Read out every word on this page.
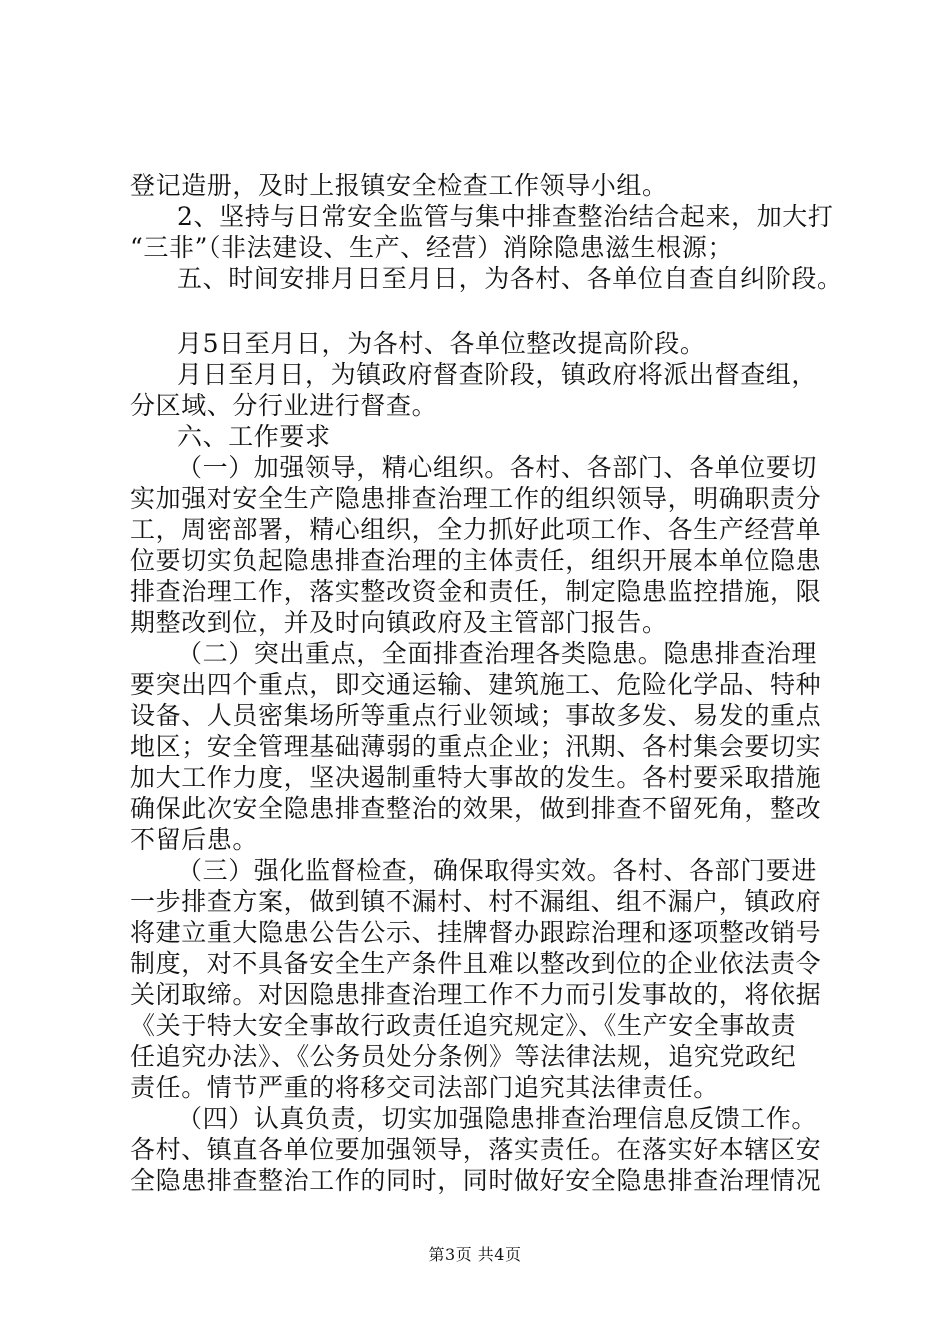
登记造册，及时上报镇安全检查工作领导小组。
2、坚持与日常安全监管与集中排查整治结合起来，加大打
“三非”（非法建设、生产、经营）消除隐患滋生根源；
五、时间安排月日至月日，为各村、各单位自查自纠阶段。
月5日至月日，为各村、各单位整改提高阶段。
月日至月日，为镇政府督查阶段，镇政府将派出督查组，
分区域、分行业进行督查。
六、工作要求
（一）加强领导，精心组织。各村、各部门、各单位要切
实加强对安全生产隐患排查治理工作的组织领导，明确职责分
工，周密部署，精心组织，全力抓好此项工作、各生产经营单
位要切实负起隐患排查治理的主体责任，组织开展本单位隐患
排查治理工作，落实整改资金和责任，制定隐患监控措施，限
期整改到位，并及时向镇政府及主管部门报告。
（二）突出重点，全面排查治理各类隐患。隐患排查治理
要突出四个重点，即交通运输、建筑施工、危险化学品、特种
设备、人员密集场所等重点行业领域；事故多发、易发的重点
地区；安全管理基础薄弱的重点企业；汛期、各村集会要切实
加大工作力度，坚决遏制重特大事故的发生。各村要采取措施
确保此次安全隐患排查整治的效果，做到排查不留死角，整改
不留后患。
（三）强化监督检查，确保取得实效。各村、各部门要进
一步排查方案，做到镇不漏村、村不漏组、组不漏户，镇政府
将建立重大隐患公告公示、挂牌督办跟踪治理和逐项整改销号
制度，对不具备安全生产条件且难以整改到位的企业依法责令
关闭取缔。对因隐患排查治理工作不力而引发事故的，将依据
《关于特大安全事故行政责任追究规定》、《生产安全事故责
任追究办法》、《公务员处分条例》等法律法规，追究党政纪
责任。情节严重的将移交司法部门追究其法律责任。
（四）认真负责，切实加强隐患排查治理信息反馈工作。
各村、镇直各单位要加强领导，落实责任。在落实好本辖区安
全隐患排查整治工作的同时，同时做好安全隐患排查治理情况
第3页 共4页
